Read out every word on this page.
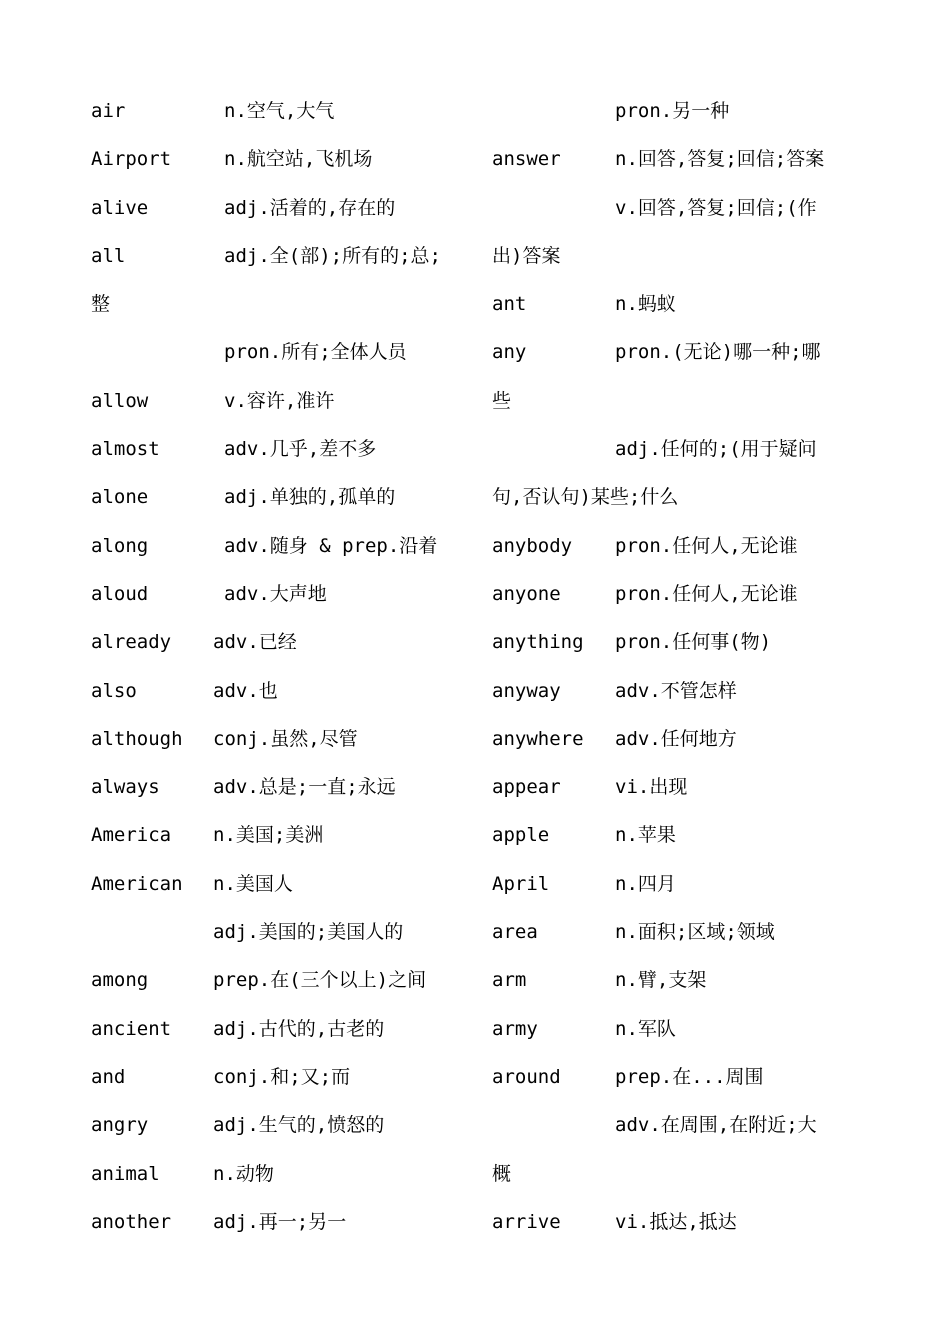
air	n.空气,大气
Airport	n.航空站,飞机场
alive	adj.活着的,存在的
all	adj.全(部);所有的;总;
整
pron.所有;全体人员
allow	v.容许,准许
almost	adv.几乎,差不多
alone	adj.单独的,孤单的
along	adv.随身 & prep.沿着
aloud	adv.大声地
already adv.已经
also	adv.也
although conj.虽然,尽管
always	adv.总是;一直;永远
America n.美国;美洲
American n.美国人
adj.美国的;美国人的
among	prep.在(三个以上)之间
ancient adj.古代的,古老的
and	conj.和;又;而
angry	adj.生气的,愤怒的
animal	n.动物
another adj.再一;另一
pron.另一种
answer	n.回答,答复;回信;答案
v.回答,答复;回信;(作
出)答案
ant	n.蚂蚁
any	pron.(无论)哪一种;哪
些
adj.任何的;(用于疑问
句,否认句)某些;什么
anybody pron.任何人,无论谁
anyone	pron.任何人,无论谁
anything pron.任何事(物)
anyway	adv.不管怎样
anywhere adv.任何地方
appear	vi.出现
apple	n.苹果
April	n.四月
area	n.面积;区域;领域
arm	n.臂,支架
army	n.军队
around	prep.在...周围
adv.在周围,在附近;大
概
arrive	vi.抵达,抵达
